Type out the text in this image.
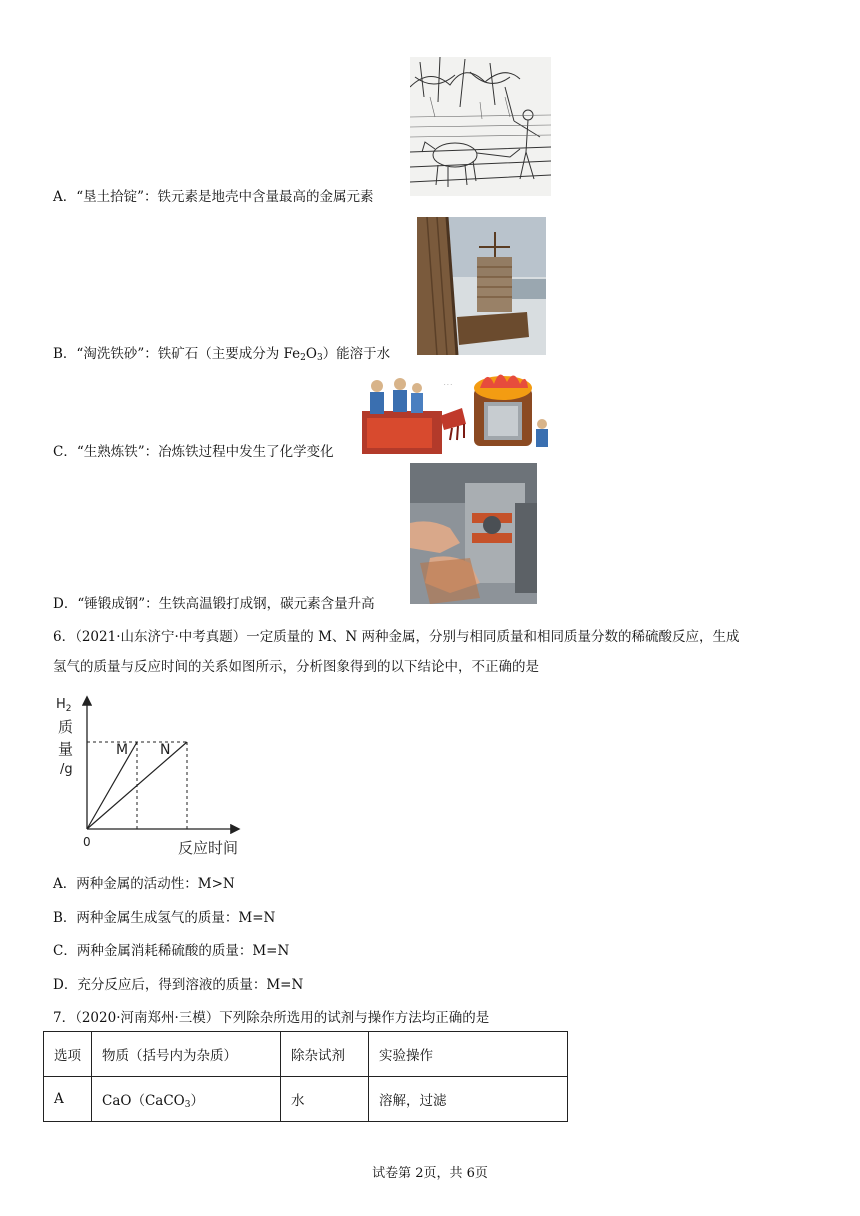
· · ·
A．“垦土拾锭”：铁元素是地壳中含量最高的金属元素
B．“淘洗铁砂”：铁矿石（主要成分为 $Fe_2O_3$）能溶于水
C．“生熟炼铁”：冶炼铁过程中发生了化学变化
D．“锤锻成钢”：生铁高温锻打成钢，碳元素含量升高
6．（2021·山东济宁·中考真题）一定质量的 M、N 两种金属，分别与相同质量和相同质量分数的稀硫酸反应，生成
氢气的质量与反应时间的关系如图所示，分析图象得到的以下结论中，不正确的是
$H_2$
质
量
/g
0	反应时间
M N
A．两种金属的活动性：M>N
B．两种金属生成氢气的质量：M=N
C．两种金属消耗稀硫酸的质量：M=N
D．充分反应后，得到溶液的质量：M=N
7．（2020·河南郑州·三模）下列除杂所选用的试剂与操作方法均正确的是
选项	物质（括号内为杂质）	除杂试剂	实验操作
A	CaO（CaCO$_3$）	水	溶解，过滤
试卷第 2页，共 6页
